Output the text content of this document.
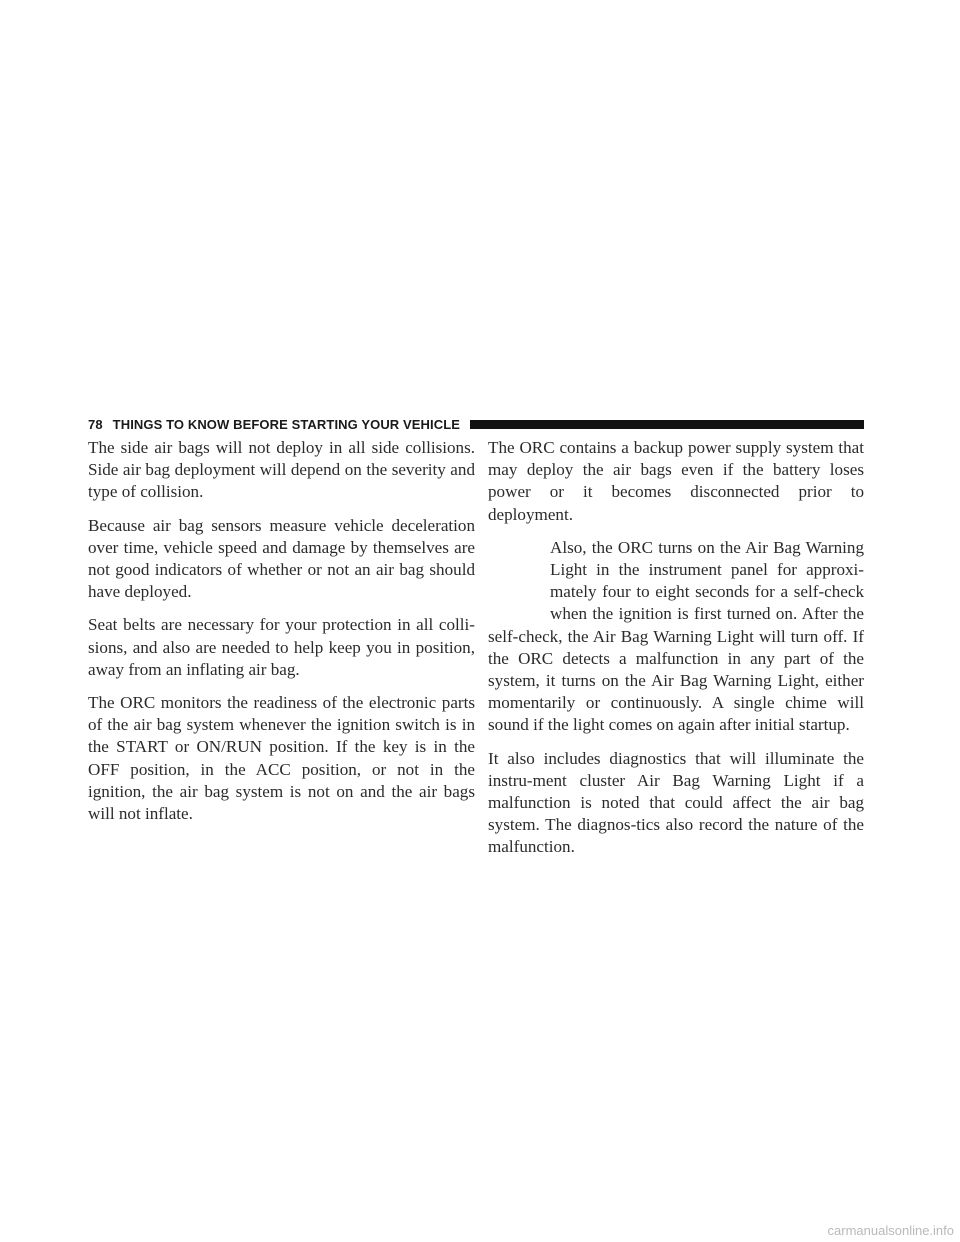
78 THINGS TO KNOW BEFORE STARTING YOUR VEHICLE

The side air bags will not deploy in all side collisions. Side air bag deployment will depend on the severity and type of collision.

Because air bag sensors measure vehicle deceleration over time, vehicle speed and damage by themselves are not good indicators of whether or not an air bag should have deployed.

Seat belts are necessary for your protection in all colli-sions, and also are needed to help keep you in position, away from an inflating air bag.

The ORC monitors the readiness of the electronic parts of the air bag system whenever the ignition switch is in the START or ON/RUN position. If the key is in the OFF position, in the ACC position, or not in the ignition, the air bag system is not on and the air bags will not inflate.

The ORC contains a backup power supply system that may deploy the air bags even if the battery loses power or it becomes disconnected prior to deployment.

Also, the ORC turns on the Air Bag Warning Light in the instrument panel for approxi-mately four to eight seconds for a self-check when the ignition is first turned on. After the self-check, the Air Bag Warning Light will turn off. If the ORC detects a malfunction in any part of the system, it turns on the Air Bag Warning Light, either momentarily or continuously. A single chime will sound if the light comes on again after initial startup.

It also includes diagnostics that will illuminate the instru-ment cluster Air Bag Warning Light if a malfunction is noted that could affect the air bag system. The diagnos-tics also record the nature of the malfunction.

carmanualsonline.info
